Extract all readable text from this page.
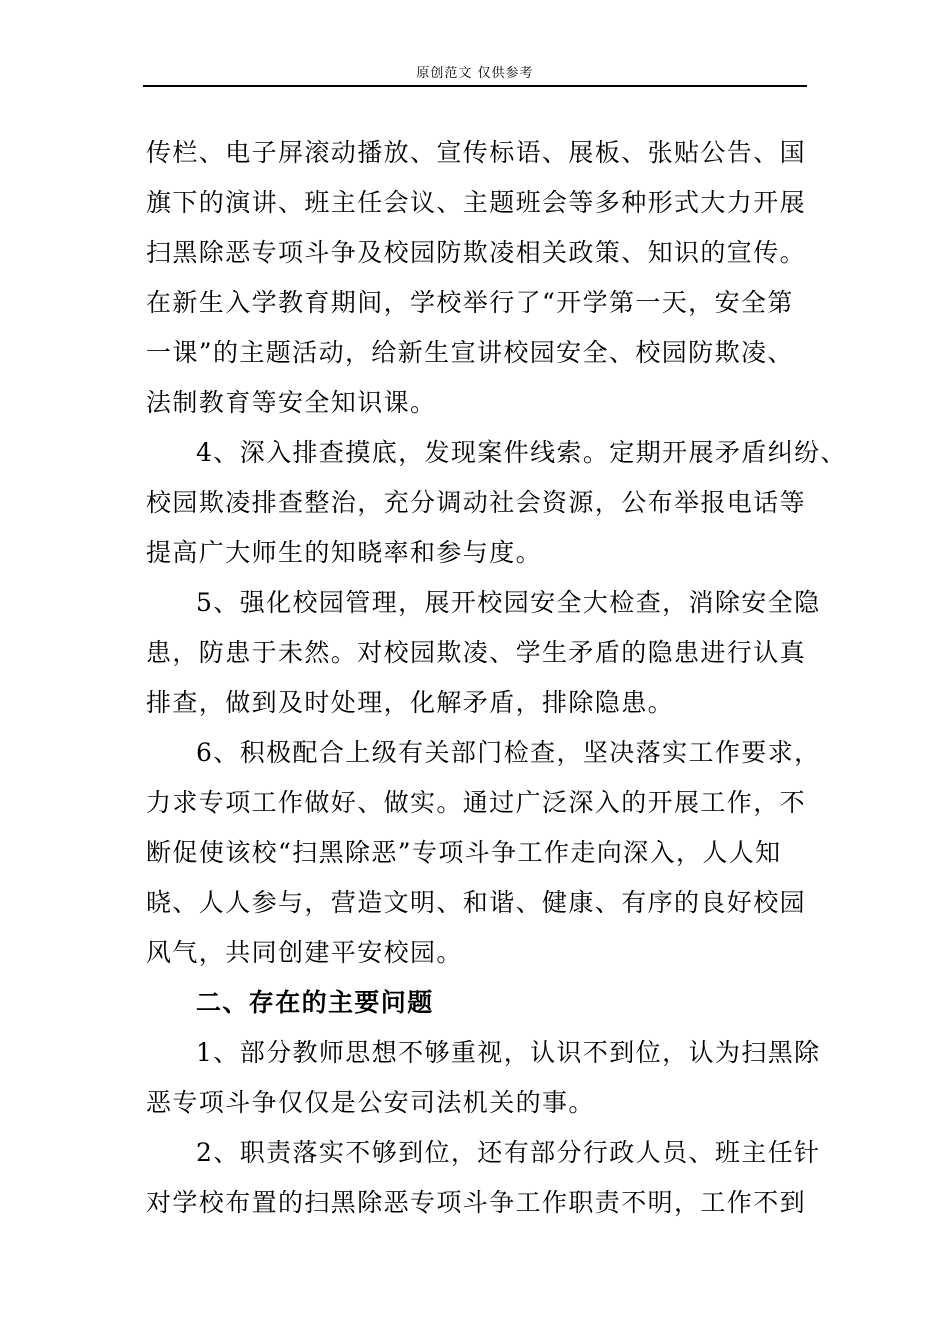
原创范文 仅供参考
传栏、电子屏滚动播放、宣传标语、展板、张贴公告、国
旗下的演讲、班主任会议、主题班会等多种形式大力开展
扫黑除恶专项斗争及校园防欺凌相关政策、知识的宣传。
在新生入学教育期间，学校举行了“开学第一天，安全第
一课”的主题活动，给新生宣讲校园安全、校园防欺凌、
法制教育等安全知识课。
4、深入排查摸底，发现案件线索。定期开展矛盾纠纷、
校园欺凌排查整治，充分调动社会资源，公布举报电话等
提高广大师生的知晓率和参与度。
5、强化校园管理，展开校园安全大检查，消除安全隐
患，防患于未然。对校园欺凌、学生矛盾的隐患进行认真
排查，做到及时处理，化解矛盾，排除隐患。
6、积极配合上级有关部门检查，坚决落实工作要求，
力求专项工作做好、做实。通过广泛深入的开展工作，不
断促使该校“扫黑除恶”专项斗争工作走向深入，人人知
晓、人人参与，营造文明、和谐、健康、有序的良好校园
风气，共同创建平安校园。
二、存在的主要问题
1、部分教师思想不够重视，认识不到位，认为扫黑除
恶专项斗争仅仅是公安司法机关的事。
2、职责落实不够到位，还有部分行政人员、班主任针
对学校布置的扫黑除恶专项斗争工作职责不明，工作不到
